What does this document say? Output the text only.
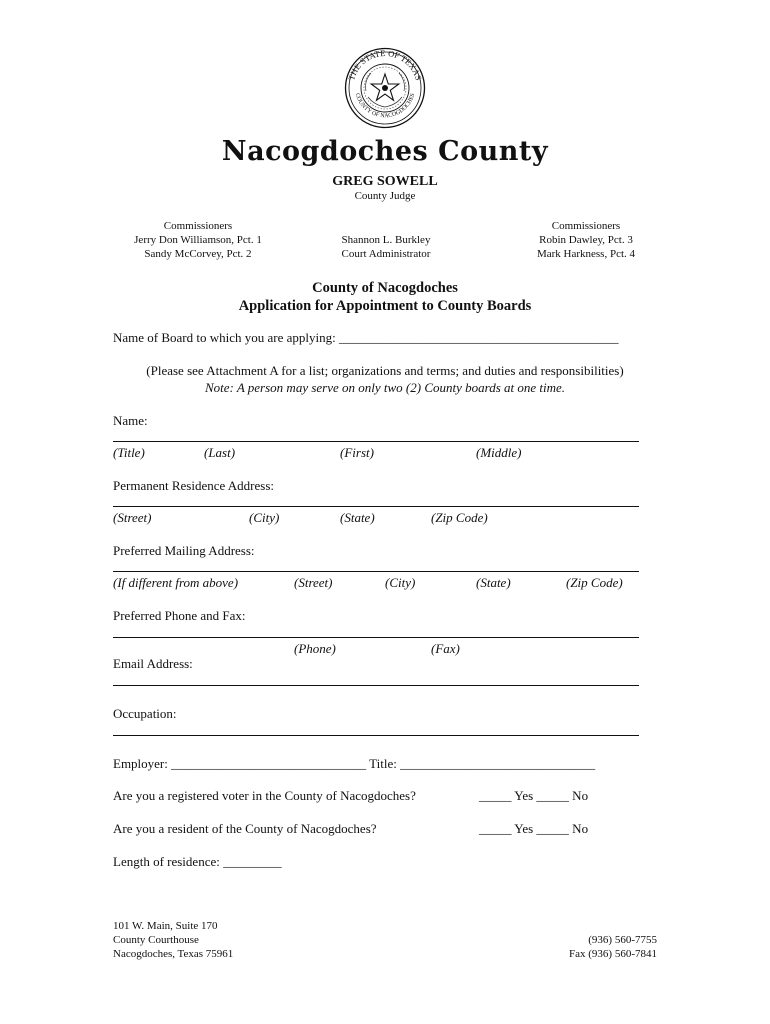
THE STATE OF TEXAS
COUNTY OF NACOGDOCHES
Nacogdoches County
GREG SOWELL
County Judge
Commissioners
Jerry Don Williamson, Pct. 1
Sandy McCorvey, Pct. 2
Shannon L. Burkley
Court Administrator
Commissioners
Robin Dawley, Pct. 3
Mark Harkness, Pct. 4
County of Nacogdoches
Application for Appointment to County Boards
Name of Board to which you are applying: ___________________________________________
(Please see Attachment A for a list; organizations and terms; and duties and responsibilities)
Note: A person may serve on only two (2) County boards at one time.
Name:
(Title)	(Last)	(First)	(Middle)
Permanent Residence Address:
(Street)	(City)	(State)	(Zip Code)
Preferred Mailing Address:
(If different from above)	(Street)	(City)	(State)	(Zip Code)
Preferred Phone and Fax:
(Phone)	(Fax)
Email Address:
Occupation:
Employer: ______________________________ Title: ______________________________
Are you a registered voter in the County of Nacogdoches?	_____ Yes _____ No
Are you a resident of the County of Nacogdoches?	_____ Yes _____ No
Length of residence: _________
101 W. Main, Suite 170
County Courthouse
Nacogdoches, Texas 75961
(936) 560-7755
Fax (936) 560-7841
